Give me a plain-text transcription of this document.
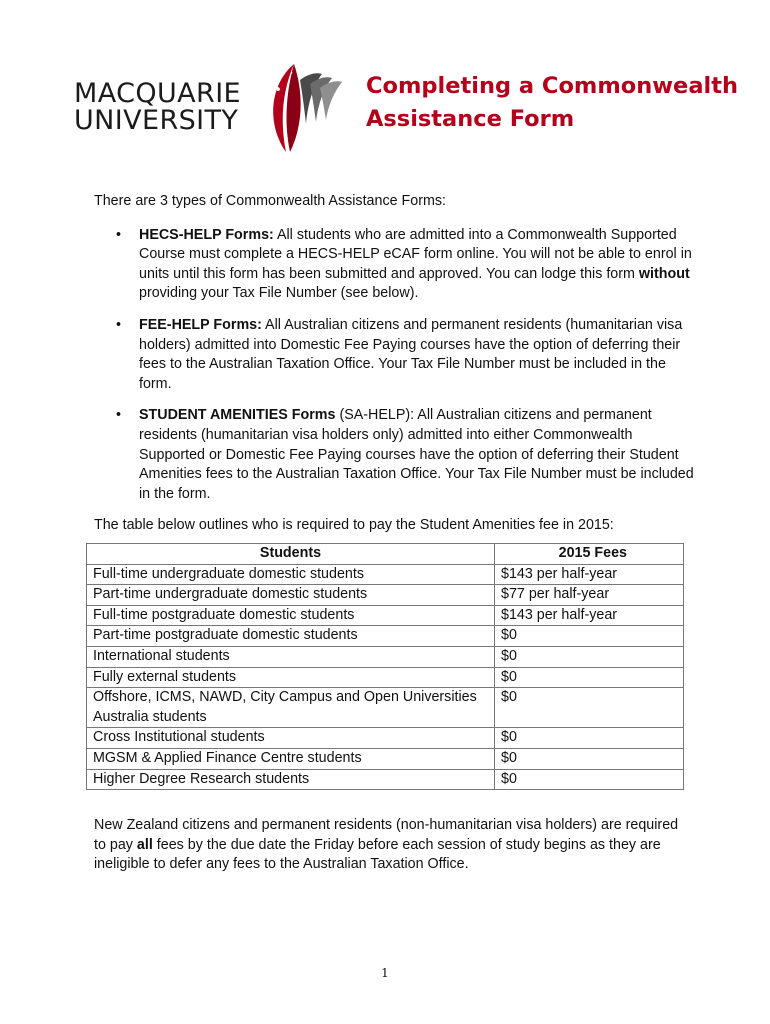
MACQUARIE
UNIVERSITY
Completing a Commonwealth
Assistance Form

There are 3 types of Commonwealth Assistance Forms:

• HECS-HELP Forms: All students who are admitted into a Commonwealth Supported Course must complete a HECS-HELP eCAF form online. You will not be able to enrol in units until this form has been submitted and approved. You can lodge this form without providing your Tax File Number (see below).
• FEE-HELP Forms: All Australian citizens and permanent residents (humanitarian visa holders) admitted into Domestic Fee Paying courses have the option of deferring their fees to the Australian Taxation Office. Your Tax File Number must be included in the form.
• STUDENT AMENITIES Forms (SA-HELP): All Australian citizens and permanent residents (humanitarian visa holders only) admitted into either Commonwealth Supported or Domestic Fee Paying courses have the option of deferring their Student Amenities fees to the Australian Taxation Office. Your Tax File Number must be included in the form.

The table below outlines who is required to pay the Student Amenities fee in 2015:

Students	2015 Fees
Full-time undergraduate domestic students	$143 per half-year
Part-time undergraduate domestic students	$77 per half-year
Full-time postgraduate domestic students	$143 per half-year
Part-time postgraduate domestic students	$0
International students	$0
Fully external students	$0
Offshore, ICMS, NAWD, City Campus and Open Universities Australia students	$0
Cross Institutional students	$0
MGSM & Applied Finance Centre students	$0
Higher Degree Research students	$0

New Zealand citizens and permanent residents (non-humanitarian visa holders) are required to pay all fees by the due date the Friday before each session of study begins as they are ineligible to defer any fees to the Australian Taxation Office.

1
